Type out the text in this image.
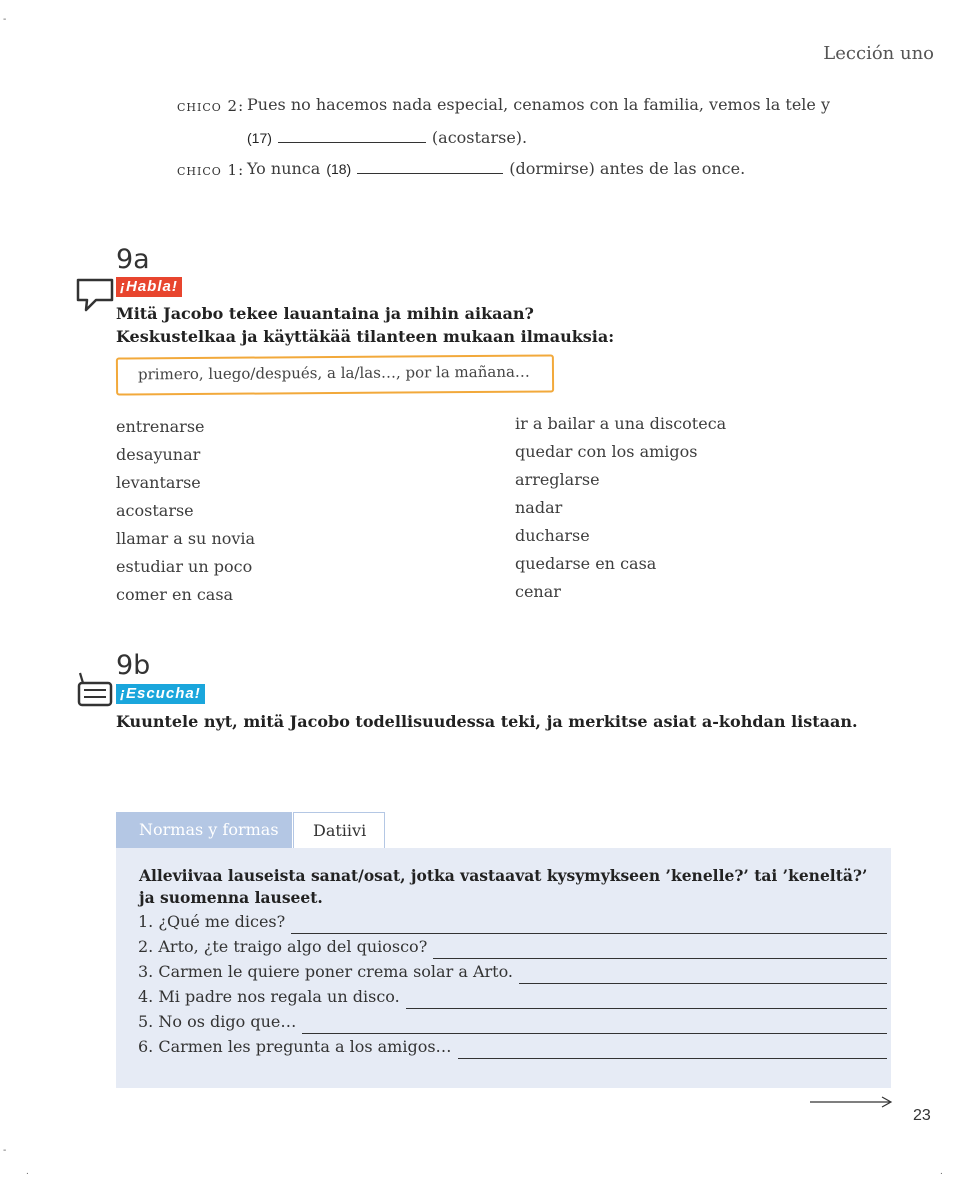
-
-
.	.
Lección uno
chico 2: Pues no hacemos nada especial, cenamos con la familia, vemos la tele y
(17)	(acostarse).
chico 1: Yo nunca (18)	(dormirse) antes de las once.
9a
¡Habla!
Mitä Jacobo tekee lauantaina ja mihin aikaan?
Keskustelkaa ja käyttäkää tilanteen mukaan ilmauksia:
primero, luego/después, a la/las…, por la mañana…
entrenarse
desayunar
levantarse
acostarse
llamar a su novia
estudiar un poco
comer en casa
ir a bailar a una discoteca
quedar con los amigos
arreglarse
nadar
ducharse
quedarse en casa
cenar
9b
¡Escucha!
Kuuntele nyt, mitä Jacobo todellisuudessa teki, ja merkitse asiat a-kohdan listaan.
Normas y formas Datiivi
Alleviivaa lauseista sanat/osat, jotka vastaavat kysymykseen ’kenelle?’ tai ’keneltä?’
ja suomenna lauseet.
1.
¿Qué me dices?
2.
Arto, ¿te traigo algo del quiosco?
3.
Carmen le quiere poner crema solar a Arto.
4.
Mi padre nos regala un disco.
5.
No os digo que…
6.
Carmen les pregunta a los amigos…
23
